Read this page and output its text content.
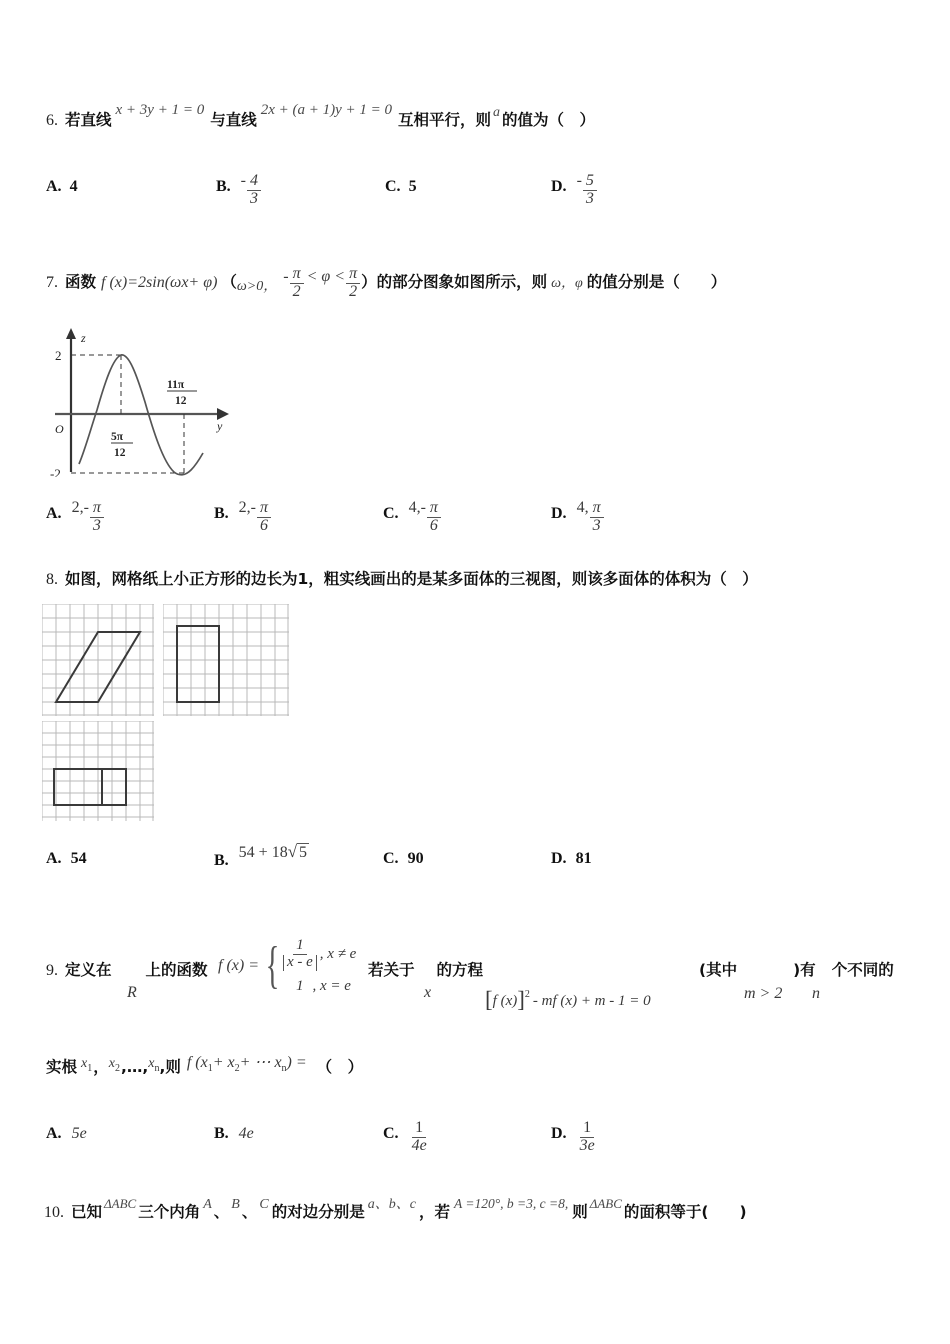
6. 若直线
x + 3y + 1 = 0
与直线
2x + (a + 1)y + 1 = 0
互相平行，则 a 的值为（　）
A. 4	B. - $\frac{4}{3}$	C. 5	D. - $\frac{5}{3}$
7. 函数 f (x)=2sin( ωx + φ) （ ω>0，
- $\frac{\pi}{2} < \varphi < \frac{\pi}{2}$ ） 的部分图象如图所示，则 ω，φ 的值分别是（　　）
z
y
O
2
-2
5π
12
11π
12
A. 2, - $\frac{\pi}{3}$	B. 2, - $\frac{\pi}{6}$	C. 4, - $\frac{\pi}{6}$	D. 4, $\frac{\pi}{3}$
8. 如图，网格纸上小正方形的边长为1，粗实线画出的是某多面体的三视图，则该多面体的体积为（　）
A. 54	B. 54 + 18 √ 5	C. 90	D. 81
9. 定义在 上的函数
R
f (x) = { $\frac{1}{x - e}$ , x ≠ e
1 , x = e
若关于 的方程
x [ f (x) ] 2 - mf (x) + m - 1 = 0
(其中	)有 个不同的
m > 2 n
实根 x 1 ， x 2 ,…, x n ,则 f (x 1 + x 2 + ⋯ x n ) = （　）
A. 5e	B. 4e	C. $\frac{1}{4e}$	D. $\frac{1}{3e}$
10. 已知 ΔABC 三个内角 A 、 B 、 C 的对边分别是 a、b、c ，若 A =120°, b =3, c =8, 则 ΔABC 的面积等于(　　)
